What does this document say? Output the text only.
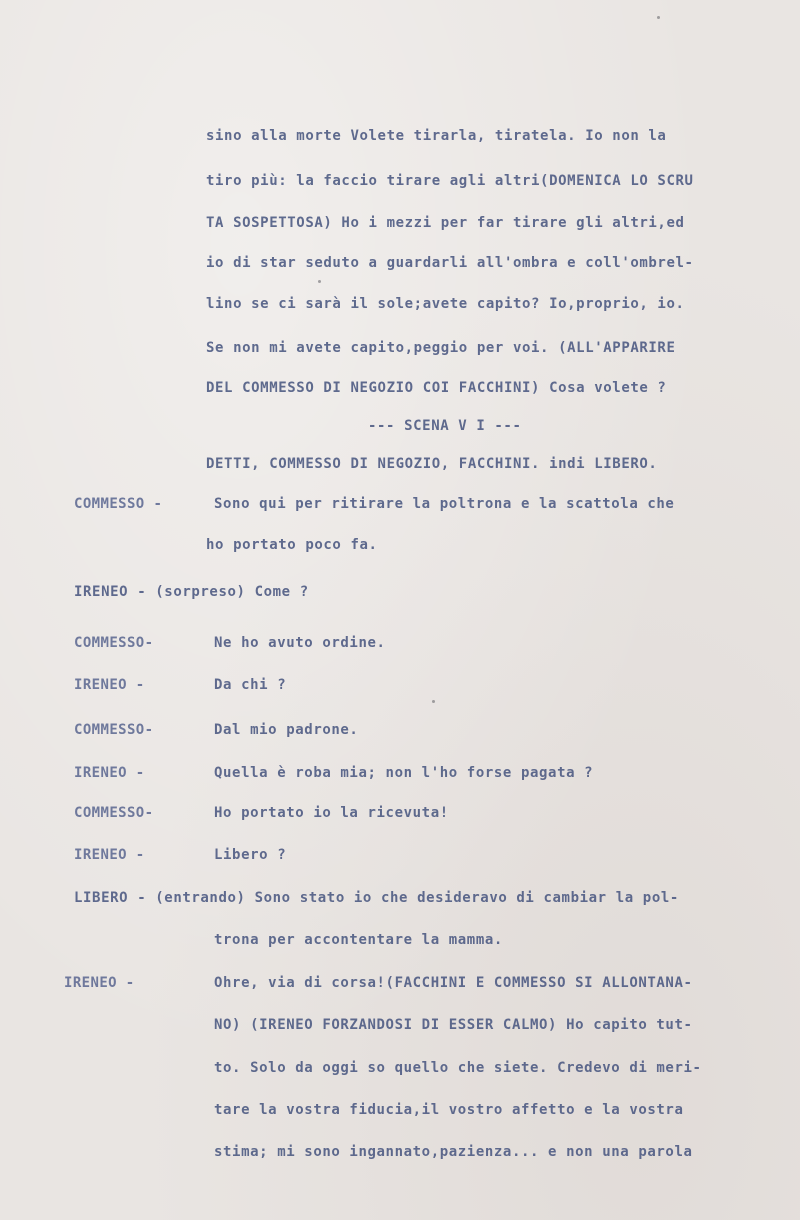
sino alla morte Volete tirarla, tiratela. Io non la
tiro più: la faccio tirare agli altri(DOMENICA LO SCRU
TA SOSPETTOSA) Ho i mezzi per far tirare gli altri,ed
io di star seduto a guardarli all'ombra e coll'ombrel-
lino se ci sarà il sole;avete capito? Io,proprio, io.
Se non mi avete capito,peggio per voi. (ALL'APPARIRE
DEL COMMESSO DI NEGOZIO COI FACCHINI) Cosa volete ?
--- SCENA V I ---
DETTI, COMMESSO DI NEGOZIO, FACCHINI. indi LIBERO.
COMMESSO -	Sono qui per ritirare la poltrona e la scattola che
ho portato poco fa.
IRENEO - (sorpreso) Come ?
COMMESSO-	Ne ho avuto ordine.
IRENEO -	Da chi ?
COMMESSO-	Dal mio padrone.
IRENEO -	Quella è roba mia; non l'ho forse pagata ?
COMMESSO-	Ho portato io la ricevuta!
IRENEO -	Libero ?
LIBERO - (entrando) Sono stato io che desideravo di cambiar la pol-
trona per accontentare la mamma.
IRENEO -	Ohre, via di corsa!(FACCHINI E COMMESSO SI ALLONTANA-
NO) (IRENEO FORZANDOSI DI ESSER CALMO) Ho capito tut-
to. Solo da oggi so quello che siete. Credevo di meri-
tare la vostra fiducia,il vostro affetto e la vostra
stima; mi sono ingannato,pazienza... e non una parola
